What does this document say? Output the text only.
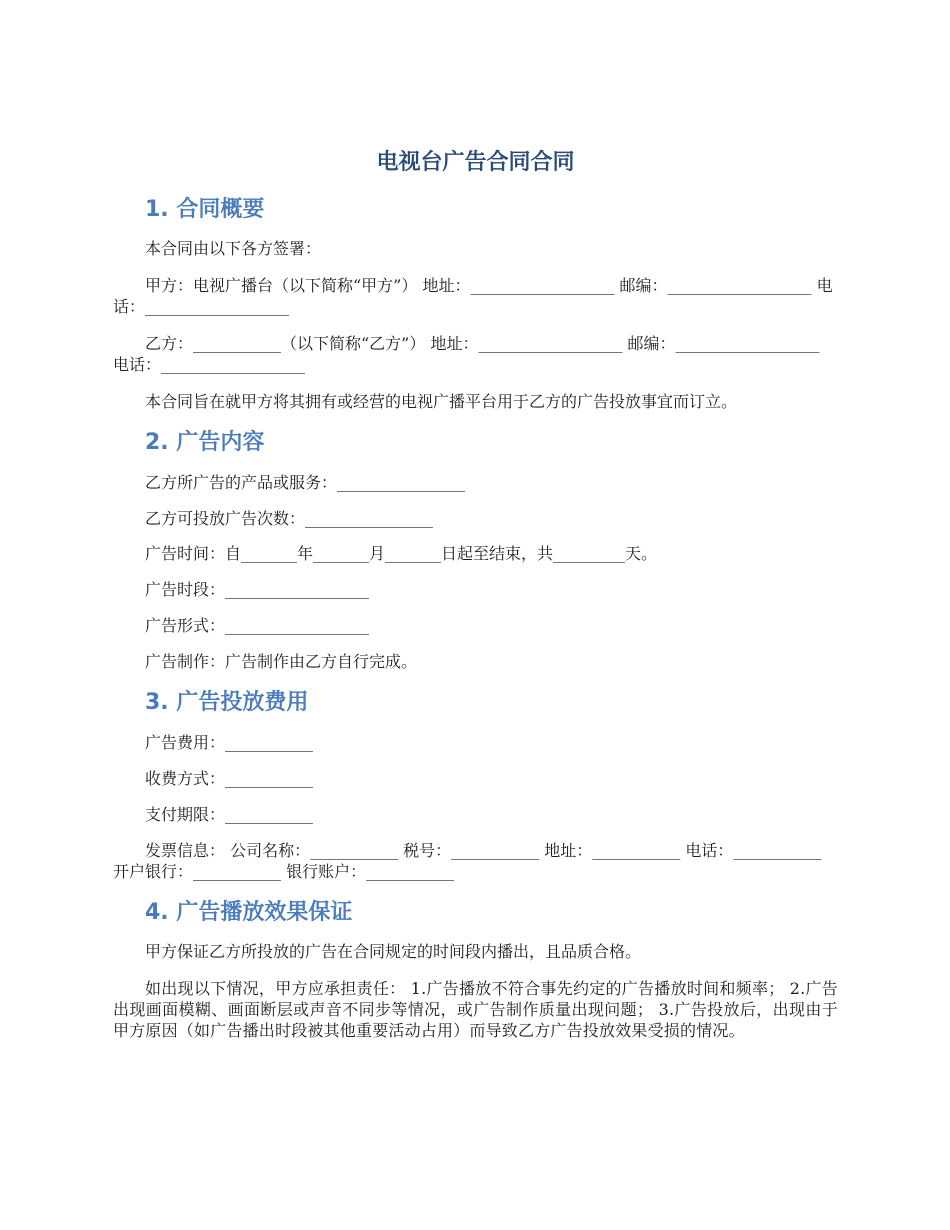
电视台广告合同合同
1. 合同概要

本合同由以下各方签署：

甲方：电视广播台（以下简称“甲方”） 地址：__________________ 邮编：__________________ 电话：__________________

乙方：___________（以下简称“乙方”） 地址：__________________ 邮编：__________________ 电话：__________________

本合同旨在就甲方将其拥有或经营的电视广播平台用于乙方的广告投放事宜而订立。

2. 广告内容

乙方所广告的产品或服务：________________

乙方可投放广告次数：________________

广告时间：自_______年_______月_______日起至结束，共_________天。

广告时段：__________________

广告形式：__________________

广告制作：广告制作由乙方自行完成。

3. 广告投放费用

广告费用：___________

收费方式：___________

支付期限：___________

发票信息： 公司名称：___________ 税号：___________ 地址：___________ 电话：___________ 开户银行：___________ 银行账户：___________

4. 广告播放效果保证

甲方保证乙方所投放的广告在合同规定的时间段内播出，且品质合格。

如出现以下情况，甲方应承担责任： 1.广告播放不符合事先约定的广告播放时间和频率； 2.广告出现画面模糊、画面断层或声音不同步等情况，或广告制作质量出现问题； 3.广告投放后，出现由于甲方原因（如广告播出时段被其他重要活动占用）而导致乙方广告投放效果受损的情况。
